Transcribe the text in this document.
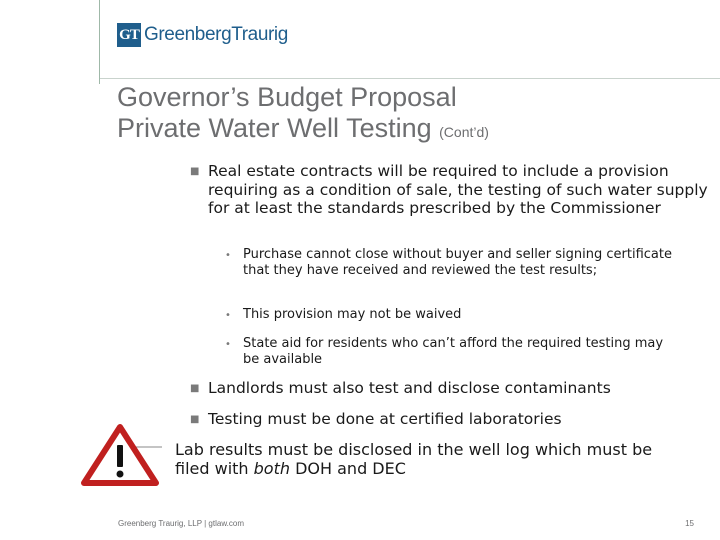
GT GreenbergTraurig
Governor’s Budget Proposal
Private Water Well Testing (Cont’d)
■ Real estate contracts will be required to include a provision requiring as a condition of sale, the testing of such water supply for at least the standards prescribed by the Commissioner
• Purchase cannot close without buyer and seller signing certificate that they have received and reviewed the test results;
• This provision may not be waived
• State aid for residents who can’t afford the required testing may be available
■ Landlords must also test and disclose contaminants
■ Testing must be done at certified laboratories
Lab results must be disclosed in the well log which must be filed with both DOH and DEC
Greenberg Traurig, LLP | gtlaw.com	15
